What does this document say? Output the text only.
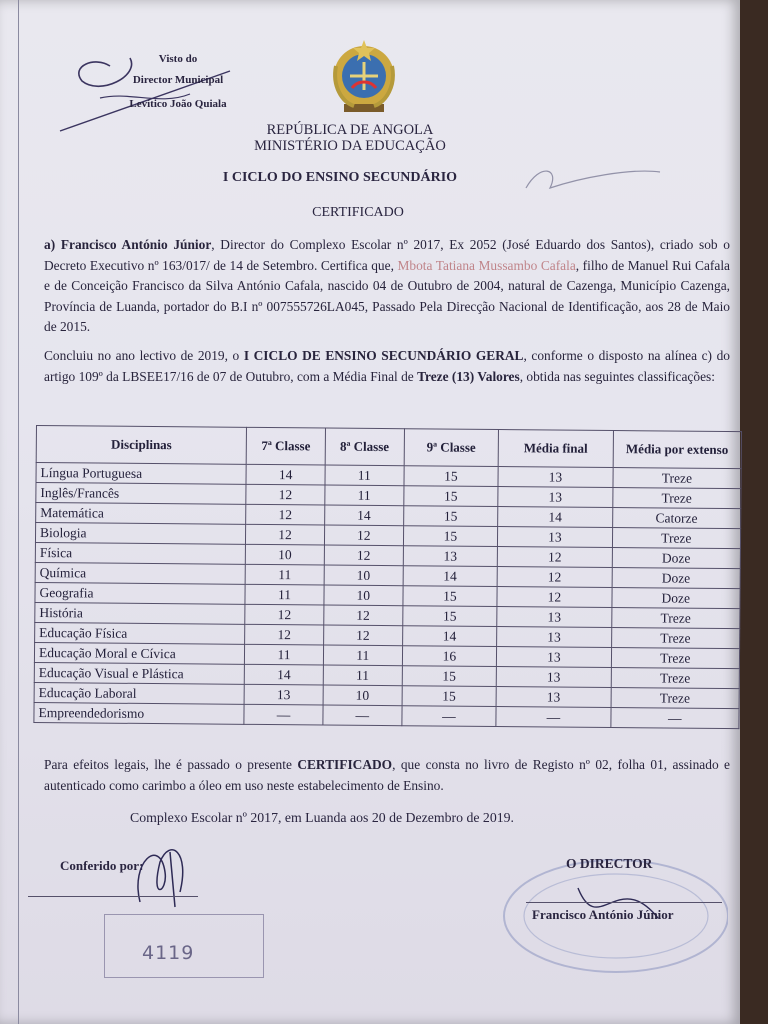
Visto do
Director Municipal
Levítico João Quiala
REPÚBLICA DE ANGOLA
MINISTÉRIO DA EDUCAÇÃO
I CICLO DO ENSINO SECUNDÁRIO
CERTIFICADO
a) Francisco António Júnior, Director do Complexo Escolar nº 2017, Ex 2052 (José Eduardo dos Santos), criado sob o Decreto Executivo nº 163/017/ de 14 de Setembro. Certifica que, Mbota Tatiana Mussambo Cafala, filho de Manuel Rui Cafala e de Conceição Francisco da Silva António Cafala, nascido 04 de Outubro de 2004, natural de Cazenga, Município Cazenga, Província de Luanda, portador do B.I nº 007555726LA045, Passado Pela Direcção Nacional de Identificação, aos 28 de Maio de 2015.
Concluiu no ano lectivo de 2019, o I CICLO DE ENSINO SECUNDÁRIO GERAL, conforme o disposto na alínea c) do artigo 109º da LBSEE17/16 de 07 de Outubro, com a Média Final de Treze (13) Valores, obtida nas seguintes classificações:
Disciplinas	7ª Classe	8ª Classe	9ª Classe	Média final	Média por extenso
Língua Portuguesa	14	11	15	13	Treze
Inglês/Francês	12	11	15	13	Treze
Matemática	12	14	15	14	Catorze
Biologia	12	12	15	13	Treze
Física	10	12	13	12	Doze
Química	11	10	14	12	Doze
Geografia	11	10	15	12	Doze
História	12	12	15	13	Treze
Educação Física	12	12	14	13	Treze
Educação Moral e Cívica	11	11	16	13	Treze
Educação Visual e Plástica	14	11	15	13	Treze
Educação Laboral	13	10	15	13	Treze
Empreendedorismo	—	—	—	—	—
Para efeitos legais, lhe é passado o presente CERTIFICADO, que consta no livro de Registo nº 02, folha 01, assinado e autenticado como carimbo a óleo em uso neste estabelecimento de Ensino.
Complexo Escolar nº 2017, em Luanda aos 20 de Dezembro de 2019.
Conferido por:
4119
O DIRECTOR
Francisco António Júnior
